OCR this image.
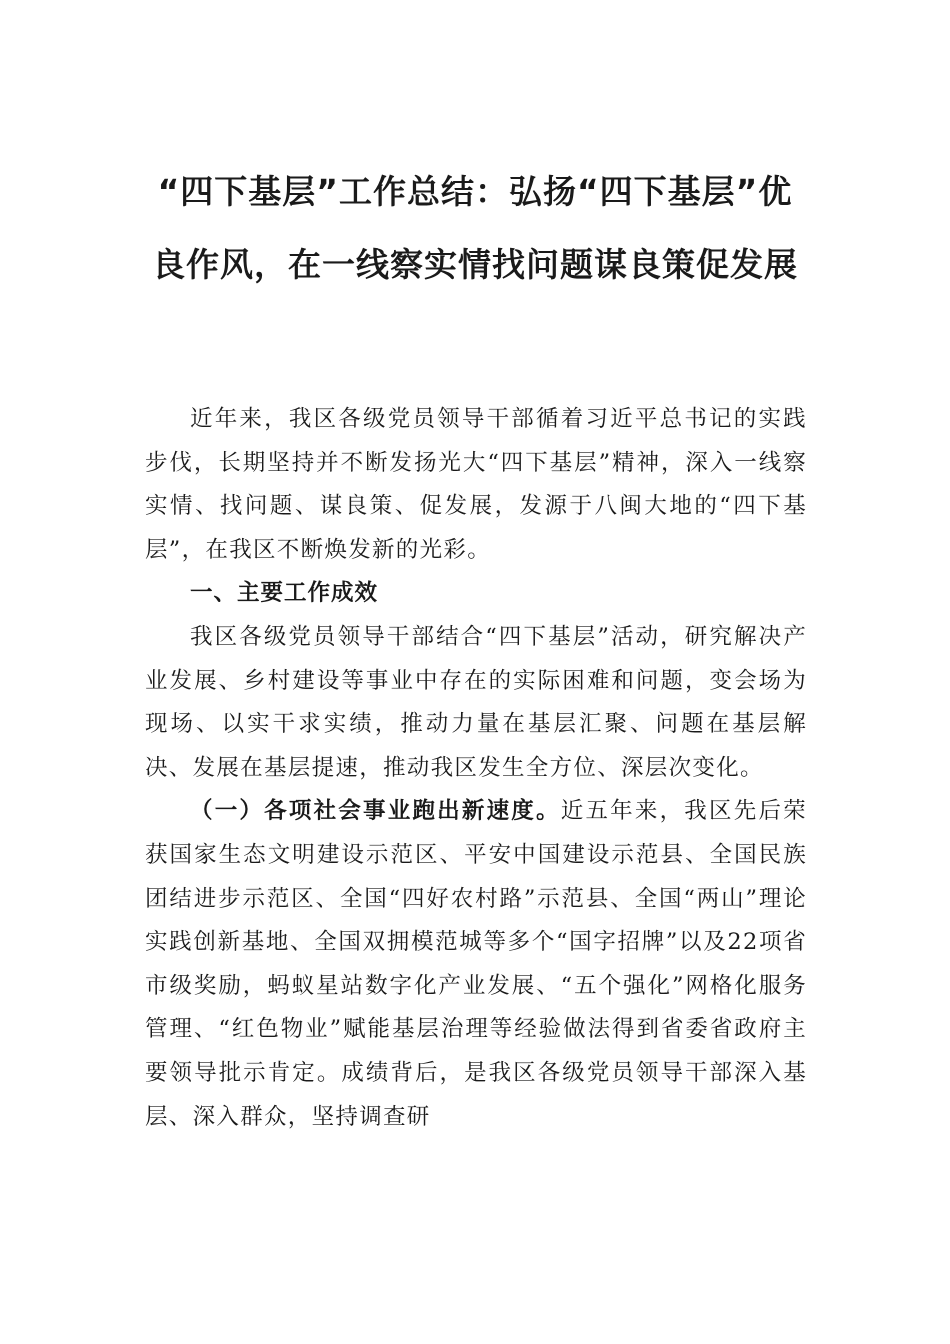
“四下基层”工作总结：弘扬“四下基层”优良作风，在一线察实情找问题谋良策促发展

近年来，我区各级党员领导干部循着习近平总书记的实践步伐，长期坚持并不断发扬光大“四下基层”精神，深入一线察实情、找问题、谋良策、促发展，发源于八闽大地的“四下基层”，在我区不断焕发新的光彩。

一、主要工作成效

我区各级党员领导干部结合“四下基层”活动，研究解决产业发展、乡村建设等事业中存在的实际困难和问题，变会场为现场、以实干求实绩，推动力量在基层汇聚、问题在基层解决、发展在基层提速，推动我区发生全方位、深层次变化。

（一）各项社会事业跑出新速度。近五年来，我区先后荣获国家生态文明建设示范区、平安中国建设示范县、全国民族团结进步示范区、全国“四好农村路”示范县、全国“两山”理论实践创新基地、全国双拥模范城等多个“国字招牌”以及22项省市级奖励，蚂蚁星站数字化产业发展、“五个强化”网格化服务管理、“红色物业”赋能基层治理等经验做法得到省委省政府主要领导批示肯定。成绩背后，是我区各级党员领导干部深入基层、深入群众，坚持调查研
